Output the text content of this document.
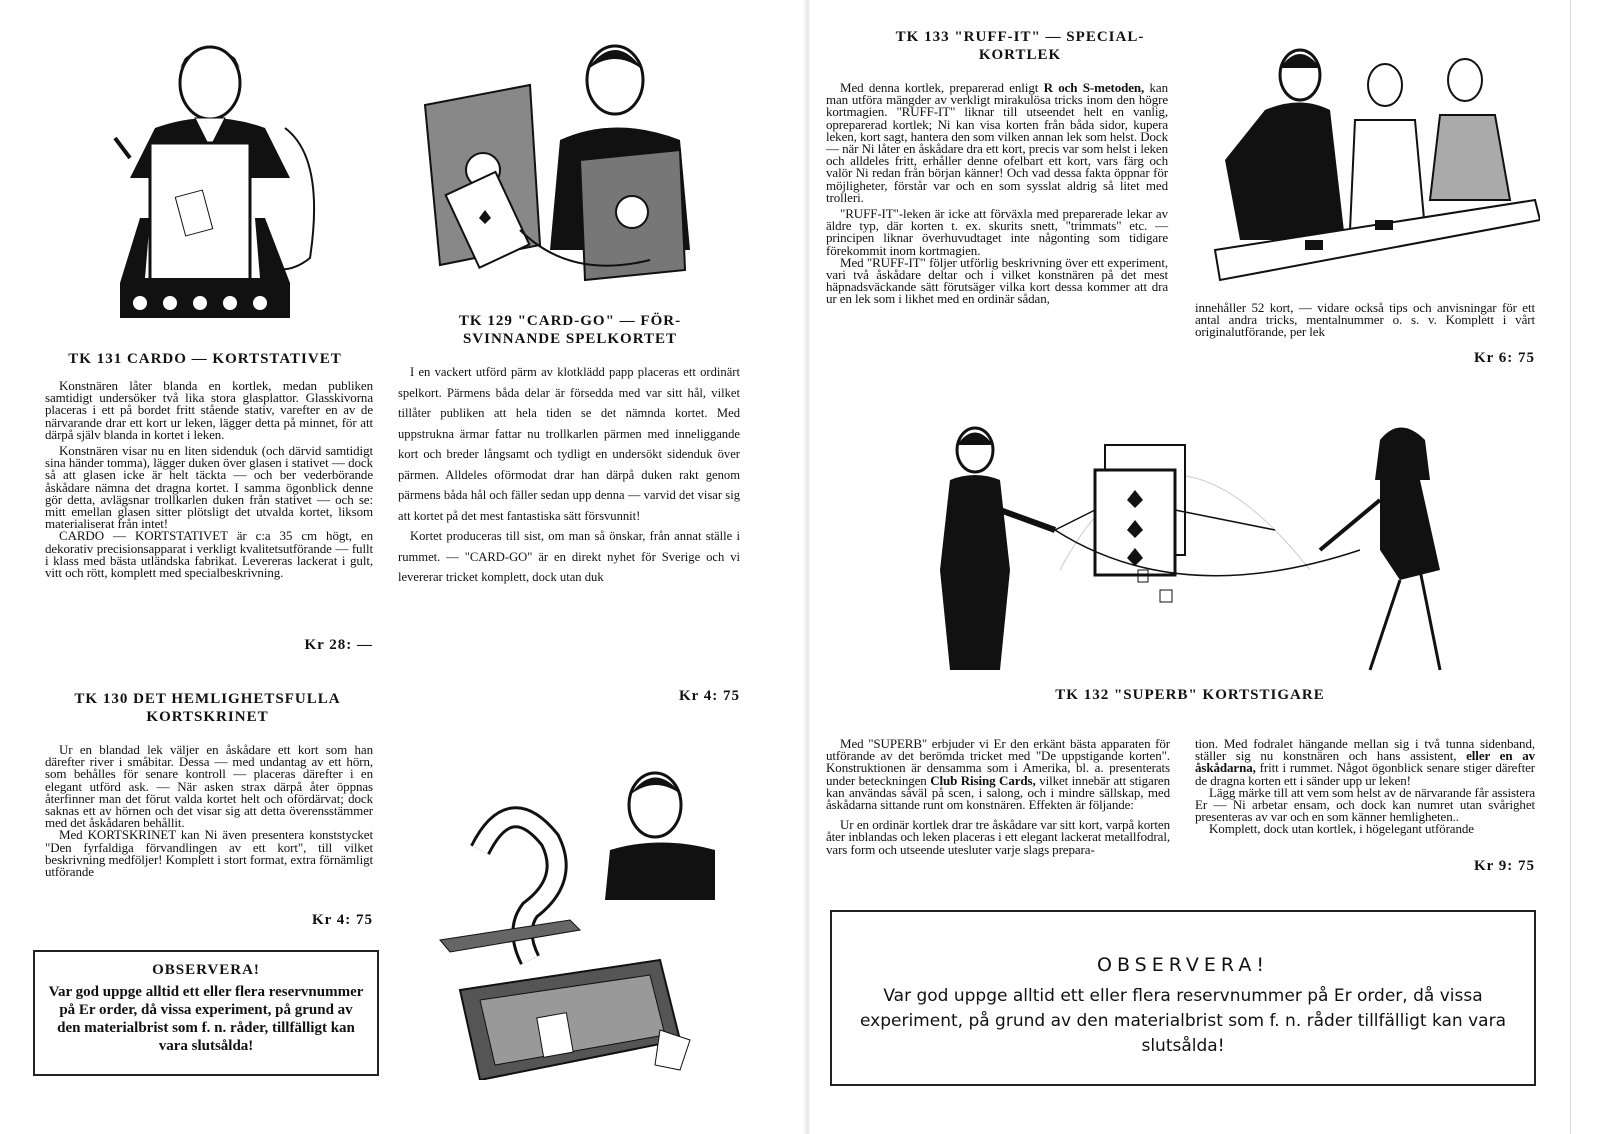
TK 131 CARDO — KORTSTATIVET

Konstnären låter blanda en kortlek, medan publiken samtidigt undersöker två lika stora glasplattor. Glasskivorna placeras i ett på bordet fritt stående stativ, varefter en av de närvarande drar ett kort ur leken, lägger detta på minnet, för att därpå själv blanda in kortet i leken.

Konstnären visar nu en liten sidenduk (och därvid samtidigt sina händer tomma), lägger duken över glasen i stativet — dock så att glasen icke är helt täckta — och ber vederbörande åskådare nämna det dragna kortet. I samma ögonblick denne gör detta, avlägsnar trollkarlen duken från stativet — och se: mitt emellan glasen sitter plötsligt det utvalda kortet, liksom materialiserat från intet!

CARDO — KORTSTATIVET är c:a 35 cm högt, en dekorativ precisionsapparat i verkligt kvalitetsutförande — fullt i klass med bästa utländska fabrikat. Levereras lackerat i gult, vitt och rött, komplett med specialbeskrivning.

Kr 28: —
TK 130 DET HEMLIGHETSFULLA
KORTSKRINET

Ur en blandad lek väljer en åskådare ett kort som han därefter river i småbitar. Dessa — med undantag av ett hörn, som behålles för senare kontroll — placeras därefter i en elegant utförd ask. — När asken strax därpå åter öppnas återfinner man det förut valda kortet helt och ofördärvat; dock saknas ett av hörnen och det visar sig att detta överensstämmer med det åskådaren behållit.

Med KORTSKRINET kan Ni även presentera konststycket "Den fyrfaldiga förvandlingen av ett kort", till vilket beskrivning medföljer! Komplett i stort format, extra förnämligt utförande

Kr 4: 75
OBSERVERA!
Var god uppge alltid ett eller flera reservnummer på Er order, då vissa experiment, på grund av den materialbrist som f. n. råder, tillfälligt kan vara slutsålda!
TK 129 "CARD-GO" — FÖR-
SVINNANDE SPELKORTET

I en vackert utförd pärm av klotklädd papp placeras ett ordinärt spelkort. Pärmens båda delar är försedda med var sitt hål, vilket tillåter publiken att hela tiden se det nämnda kortet. Med uppstrukna ärmar fattar nu trollkarlen pärmen med inneliggande kort och breder långsamt och tydligt en undersökt sidenduk över pärmen. Alldeles oförmodat drar han därpå duken rakt genom pärmens båda hål och fäller sedan upp denna — varvid det visar sig att kortet på det mest fantastiska sätt försvunnit!

Kortet produceras till sist, om man så önskar, från annat ställe i rummet. — "CARD-GO" är en direkt nyhet för Sverige och vi levererar tricket komplett, dock utan duk

Kr 4: 75
TK 133 "RUFF-IT" — SPECIAL-
KORTLEK

Med denna kortlek, preparerad enligt R och S-metoden, kan man utföra mängder av verkligt mirakulösa tricks inom den högre kortmagien. "RUFF-IT" liknar till utseendet helt en vanlig, opreparerad kortlek; Ni kan visa korten från båda sidor, kupera leken, kort sagt, hantera den som vilken annan lek som helst. Dock — när Ni låter en åskådare dra ett kort, precis var som helst i leken och alldeles fritt, erhåller denne ofelbart ett kort, vars färg och valör Ni redan från början känner! Och vad dessa fakta öppnar för möjligheter, förstår var och en som sysslat aldrig så litet med trolleri.

"RUFF-IT"-leken är icke att förväxla med preparerade lekar av äldre typ, där korten t. ex. skurits snett, "trimmats" etc. — principen liknar överhuvudtaget inte någonting som tidigare förekommit inom kortmagien.

Med "RUFF-IT" följer utförlig beskrivning över ett experiment, vari två åskådare deltar och i vilket konstnären på det mest häpnadsväckande sätt förutsäger vilka kort dessa kommer att dra ur en lek som i likhet med en ordinär sådan,

innehåller 52 kort, — vidare också tips och anvisningar för ett antal andra tricks, mentalnummer o. s. v. Komplett i vårt originalutförande, per lek
Kr 6: 75
TK 132 "SUPERB" KORTSTIGARE

Med "SUPERB" erbjuder vi Er den erkänt bästa apparaten för utförande av det berömda tricket med "De uppstigande korten". Konstruktionen är densamma som i Amerika, bl. a. presenterats under beteckningen Club Rising Cards, vilket innebär att stigaren kan användas såväl på scen, i salong, och i mindre sällskap, med åskådarna sittande runt om konstnären. Effekten är följande:

Ur en ordinär kortlek drar tre åskådare var sitt kort, varpå korten åter inblandas och leken placeras i ett elegant lackerat metallfodral, vars form och utseende utesluter varje slags prepara-

tion. Med fodralet hängande mellan sig i två tunna sidenband, ställer sig nu konstnären och hans assistent, eller en av åskådarna, fritt i rummet. Något ögonblick senare stiger därefter de dragna korten ett i sänder upp ur leken!

Lägg märke till att vem som helst av de närvarande får assistera Er — Ni arbetar ensam, och dock kan numret utan svårighet presenteras av var och en som känner hemligheten..

Komplett, dock utan kortlek, i högelegant utförande

Kr 9: 75
OBSERVERA!
Var god uppge alltid ett eller flera reservnummer på Er order, då vissa experiment, på grund av den materialbrist som f. n. råder tillfälligt kan vara slutsålda!
